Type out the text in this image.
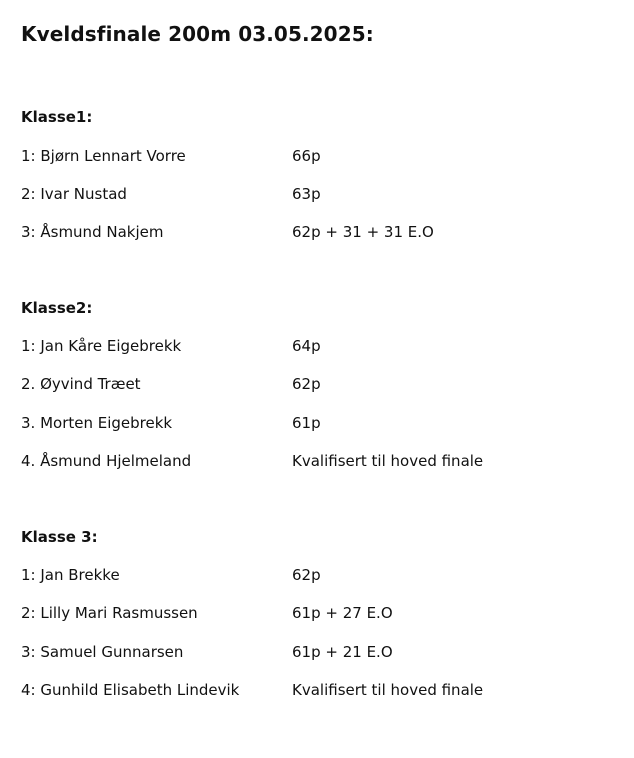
Kveldsfinale 200m 03.05.2025:
Klasse1:
1: Bjørn Lennart Vorre	66p
2: Ivar Nustad	63p
3: Åsmund Nakjem	62p + 31 + 31 E.O
Klasse2:
1: Jan Kåre Eigebrekk	64p
2. Øyvind Træet	62p
3. Morten Eigebrekk	61p
4. Åsmund Hjelmeland	Kvalifisert til hoved finale
Klasse 3:
1: Jan Brekke	62p
2: Lilly Mari Rasmussen	61p + 27 E.O
3: Samuel Gunnarsen	61p + 21 E.O
4: Gunhild Elisabeth Lindevik	Kvalifisert til hoved finale
